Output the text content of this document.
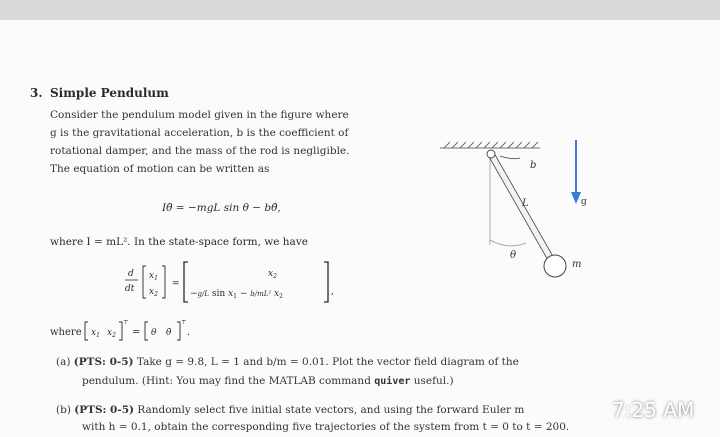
3. Simple Pendulum
Consider the pendulum model given in the figure where
g is the gravitational acceleration, b is the coefficient of
rotational damper, and the mass of the rod is negligible.
The equation of motion can be written as
Iθ̈ = −mgL sin θ − bθ̇,
where I = mL². In the state-space form, we have
d
dt
$x_1$
$x_2$
=
$x_2$
−g/L $\sin x_1 - b/mL^2$ $x_2$	,
where $x_1$ $x_2$
⊤
= θ θ̇
⊤
.
(a) (PTS: 0-5) Take g = 9.8, L = 1 and b/m = 0.01. Plot the vector field diagram of the
pendulum. (Hint: You may find the MATLAB command quiver useful.)
(b) (PTS: 0-5) Randomly select five initial state vectors, and using the forward Euler m
with h = 0.1, obtain the corresponding five trajectories of the system from t = 0 to t = 200.
b
L
θ
m
g
7:25 AM
